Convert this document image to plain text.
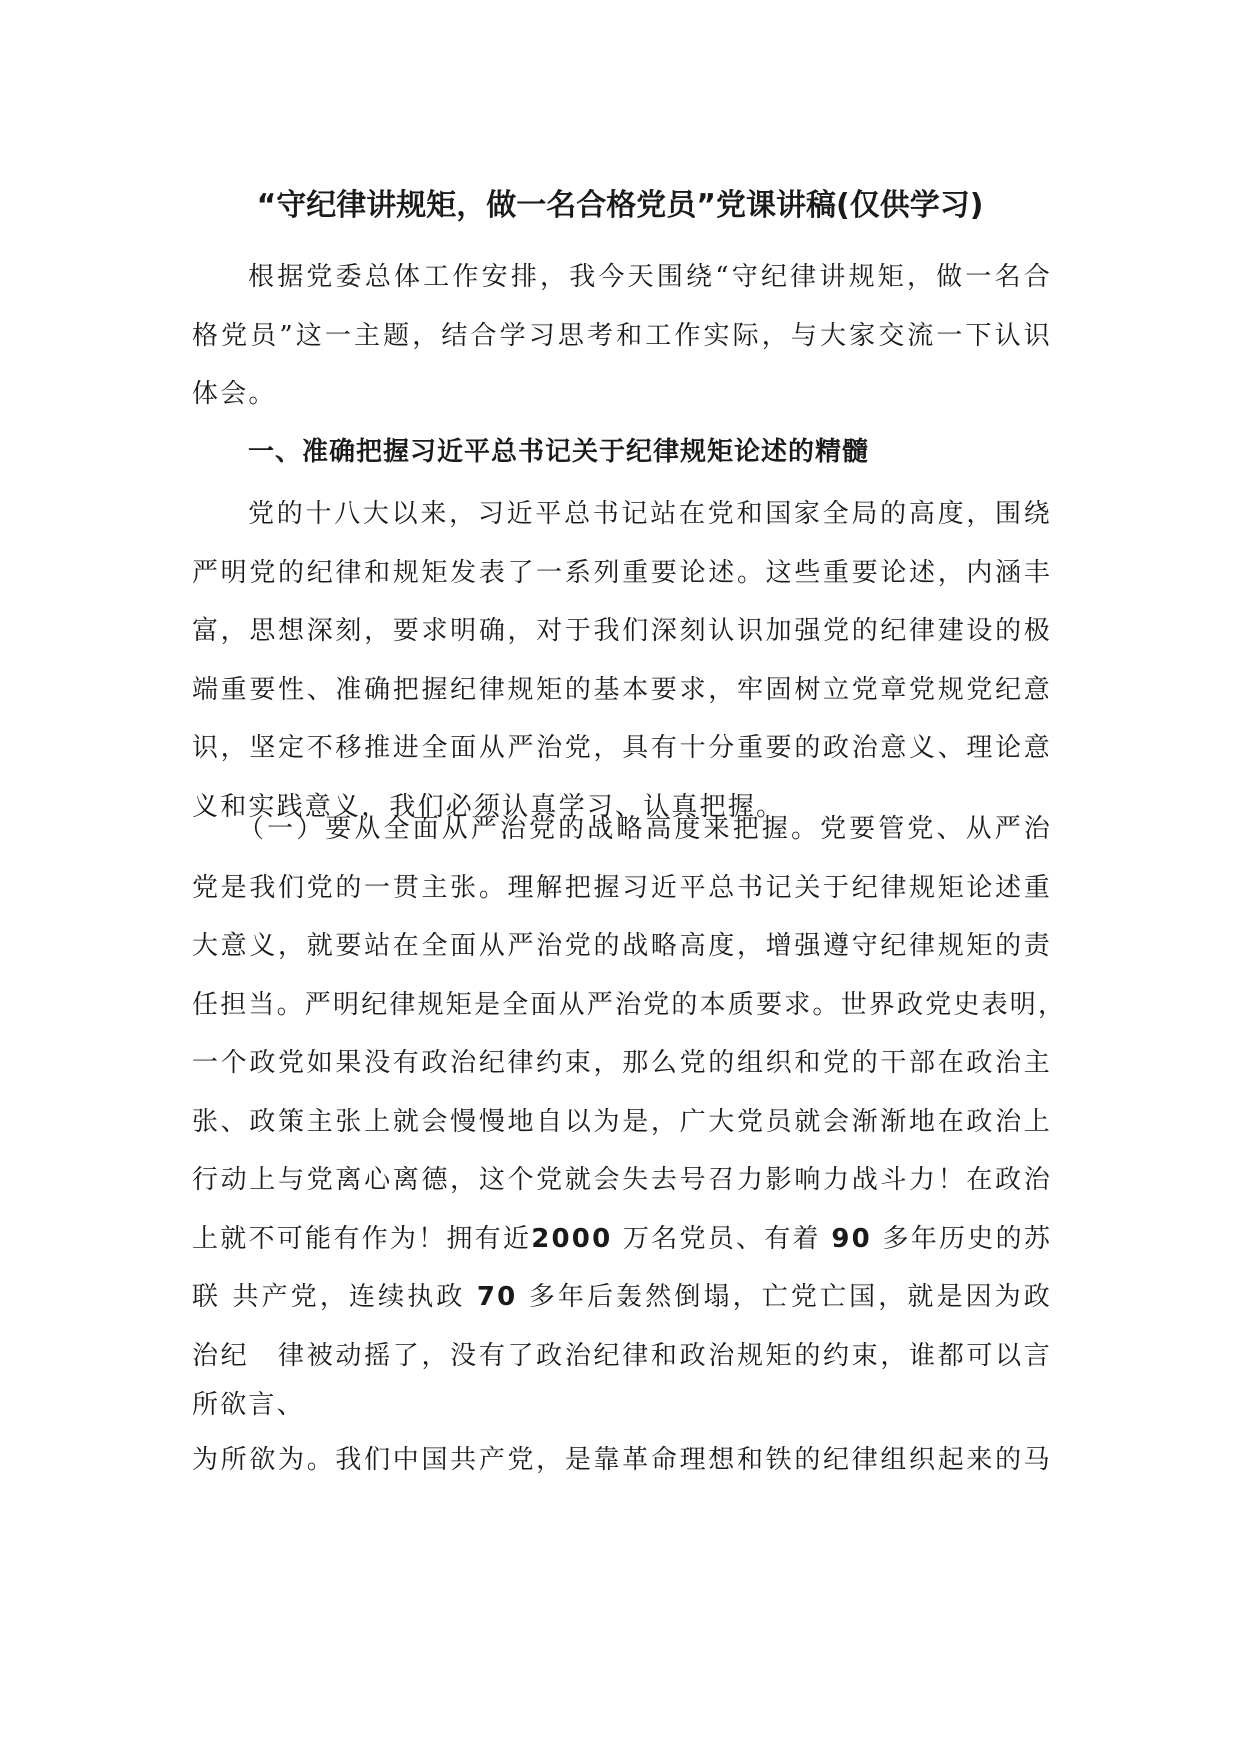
“守纪律讲规矩，做一名合格党员”党课讲稿(仅供学习)
根据党委总体工作安排，我今天围绕“守纪律讲规矩，做一名合
格党员”这一主题，结合学习思考和工作实际，与大家交流一下认识
体会。
一、准确把握习近平总书记关于纪律规矩论述的精髓
党的十八大以来，习近平总书记站在党和国家全局的高度，围绕
严明党的纪律和规矩发表了一系列重要论述。这些重要论述，内涵丰
富，思想深刻，要求明确，对于我们深刻认识加强党的纪律建设的极
端重要性、准确把握纪律规矩的基本要求，牢固树立党章党规党纪意
识，坚定不移推进全面从严治党，具有十分重要的政治意义、理论意
义和实践意义，我们必须认真学习、认真把握。
（一）要从全面从严治党的战略高度来把握。党要管党、从严治
党是我们党的一贯主张。理解把握习近平总书记关于纪律规矩论述重
大意义，就要站在全面从严治党的战略高度，增强遵守纪律规矩的责
任担当。严明纪律规矩是全面从严治党的本质要求。世界政党史表明，
一个政党如果没有政治纪律约束，那么党的组织和党的干部在政治主
张、政策主张上就会慢慢地自以为是，广大党员就会渐渐地在政治上
行动上与党离心离德，这个党就会失去号召力影响力战斗力！在政治
上就不可能有作为！拥有近2000 万名党员、有着 90 多年历史的苏
联 共产党，连续执政 70 多年后轰然倒塌，亡党亡国，就是因为政
治纪　律被动摇了，没有了政治纪律和政治规矩的约束，谁都可以言
所欲言、
为所欲为。我们中国共产党，是靠革命理想和铁的纪律组织起来的马
